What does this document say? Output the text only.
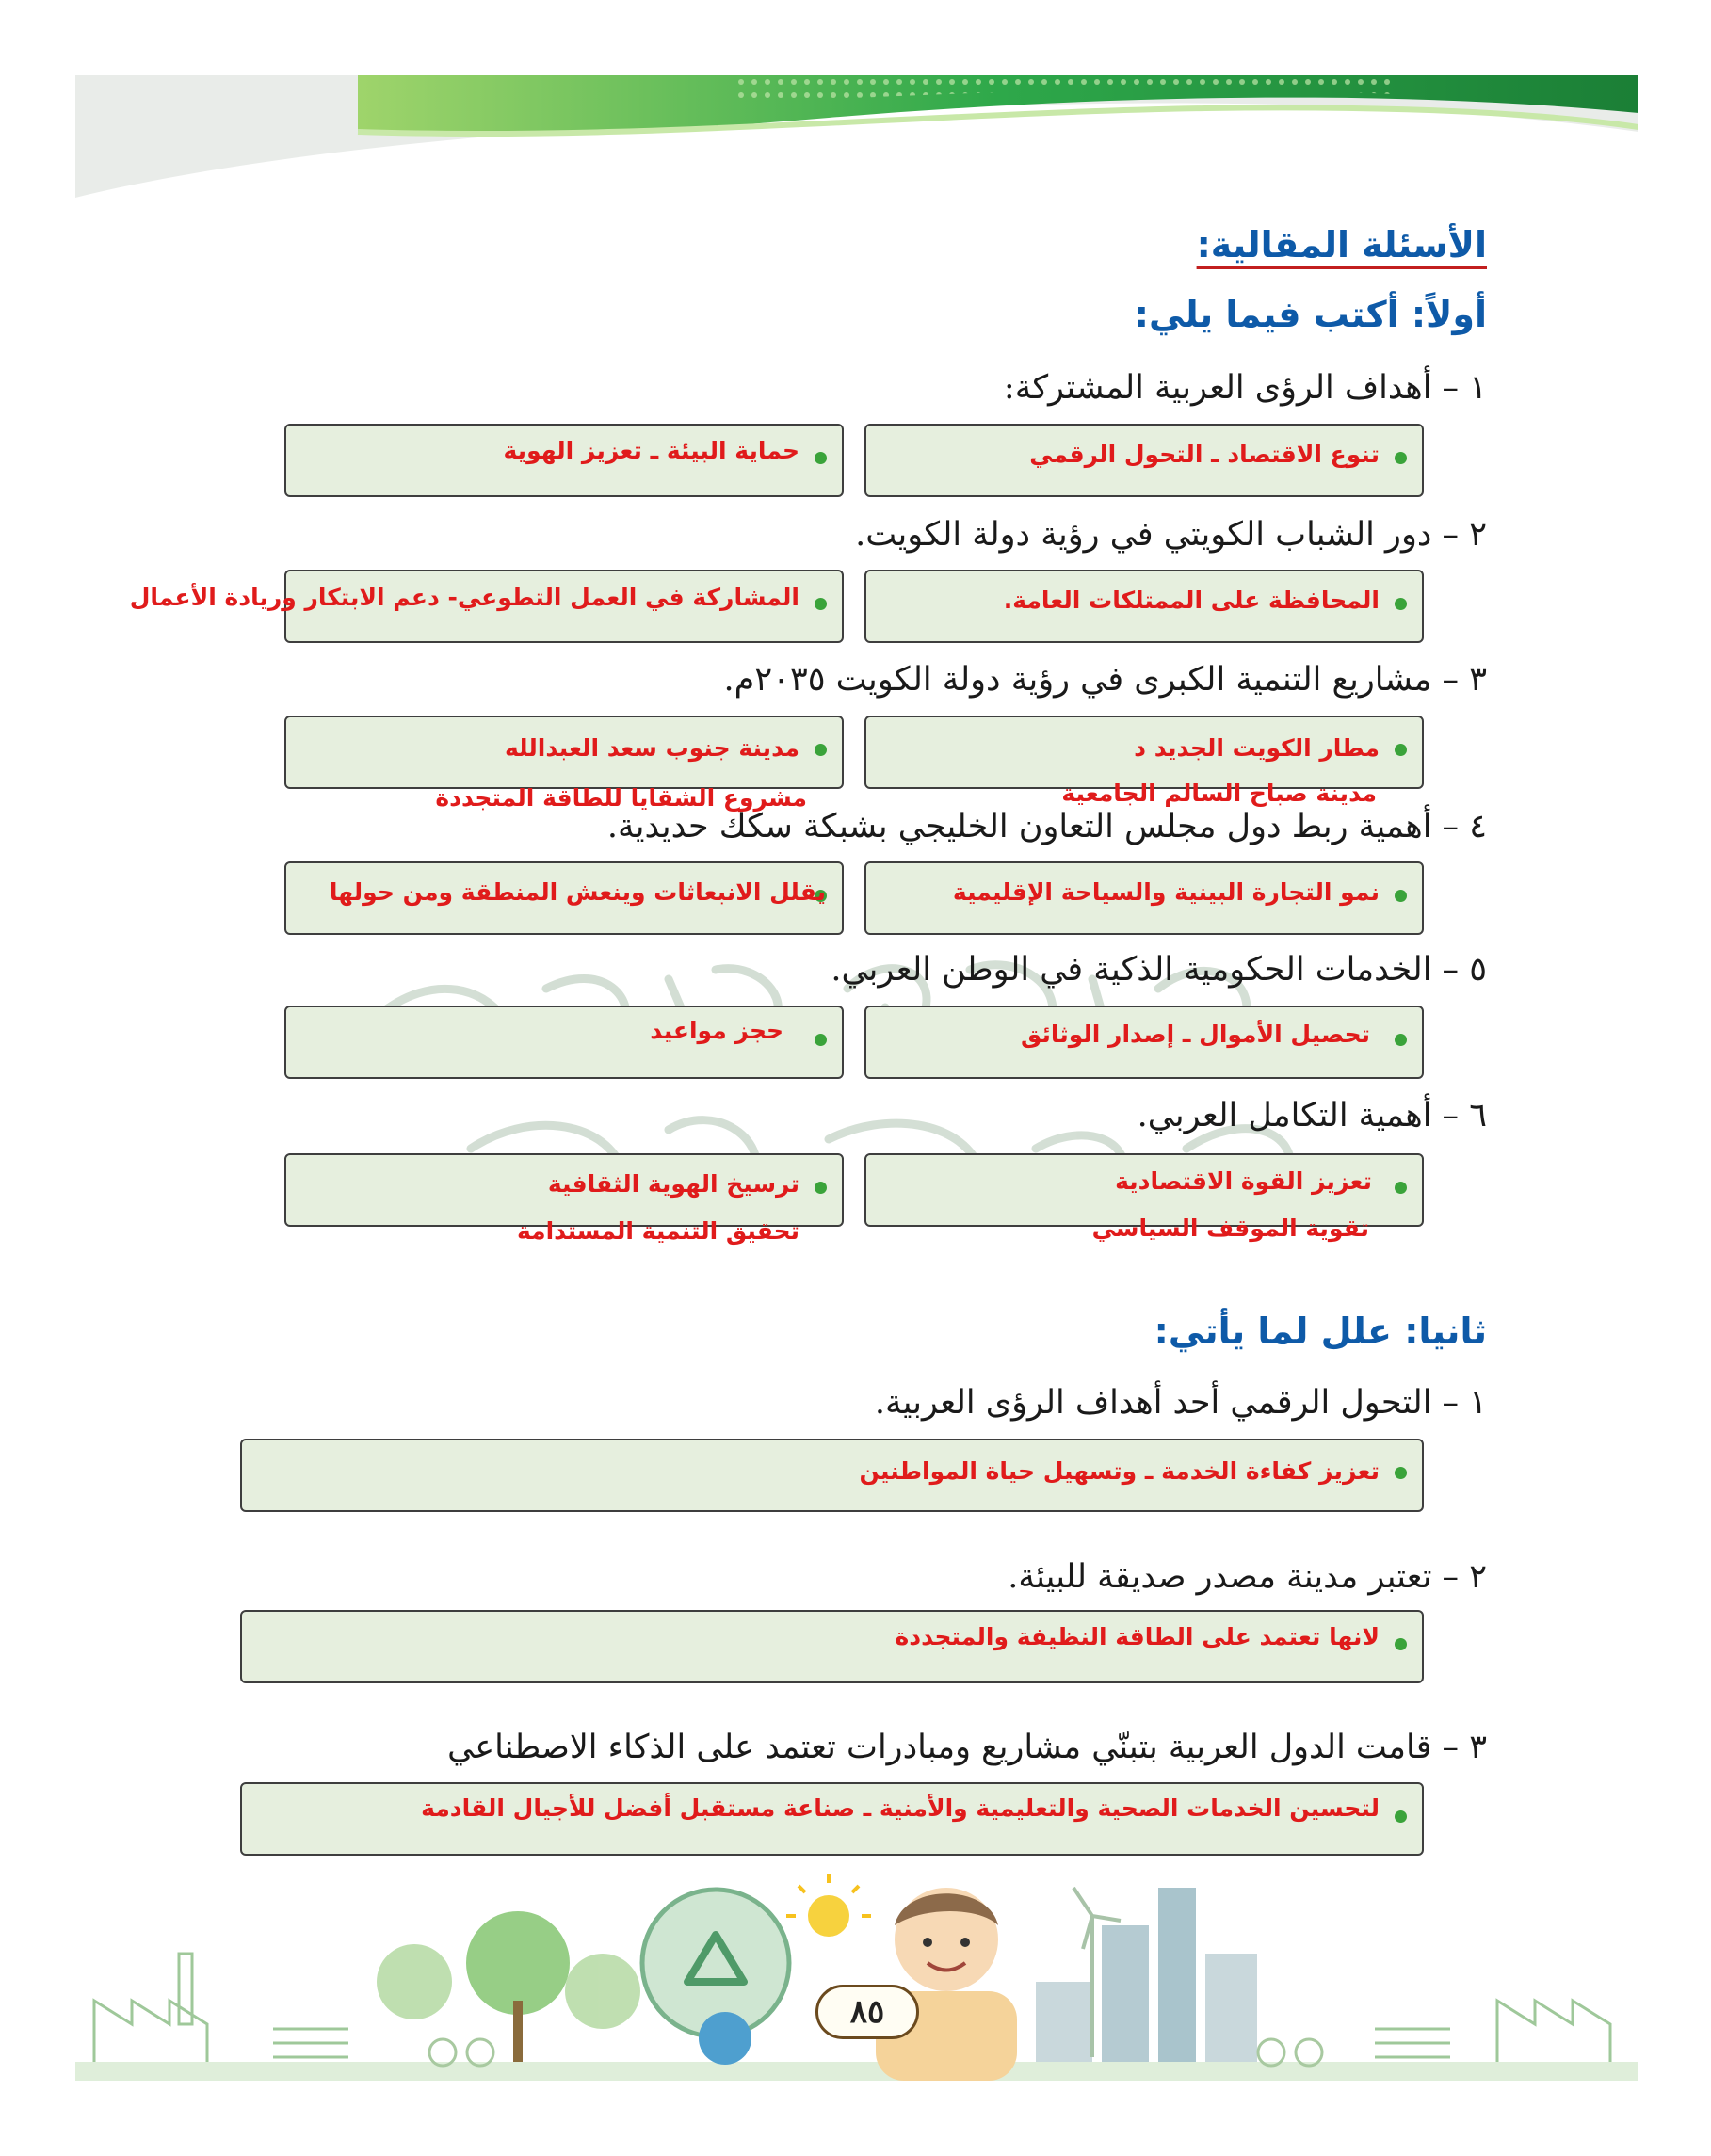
الأسئلة المقالية:
أولاً: أكتب فيما يلي:
١ – أهداف الرؤى العربية المشتركة:
تنوع الاقتصاد ـ التحول الرقمي
حماية البيئة ـ تعزيز الهوية
٢ – دور الشباب الكويتي في رؤية دولة الكويت.
المحافظة على الممتلكات العامة.
المشاركة في العمل التطوعي- دعم الابتكار وريادة الأعمال
٣ – مشاريع التنمية الكبرى في رؤية دولة الكويت ٢٠٣٥م.
مطار الكويت الجديد د
مدينة جنوب سعد العبدالله
مدينة صباح السالم الجامعية
مشروع الشقايا للطاقة المتجددة
٤ – أهمية ربط دول مجلس التعاون الخليجي بشبكة سكك حديدية.
نمو التجارة البينية والسياحة الإقليمية
يقلل الانبعاثات وينعش المنطقة ومن حولها
٥ – الخدمات الحكومية الذكية في الوطن العربي.
تحصيل الأموال ـ إصدار الوثائق
حجز مواعيد
٦ – أهمية التكامل العربي.
تعزيز القوة الاقتصادية
ترسيخ الهوية الثقافية
تقوية الموقف السياسي
تحقيق التنمية المستدامة
ثانيا: علل لما يأتي:
١ – التحول الرقمي أحد أهداف الرؤى العربية.
تعزيز كفاءة الخدمة ـ وتسهيل حياة المواطنين
٢ – تعتبر مدينة مصدر صديقة للبيئة.
لانها تعتمد على الطاقة النظيفة والمتجددة
٣ – قامت الدول العربية بتبنّي مشاريع ومبادرات تعتمد على الذكاء الاصطناعي
لتحسين الخدمات الصحية والتعليمية والأمنية ـ صناعة مستقبل أفضل للأجيال القادمة
٨٥
